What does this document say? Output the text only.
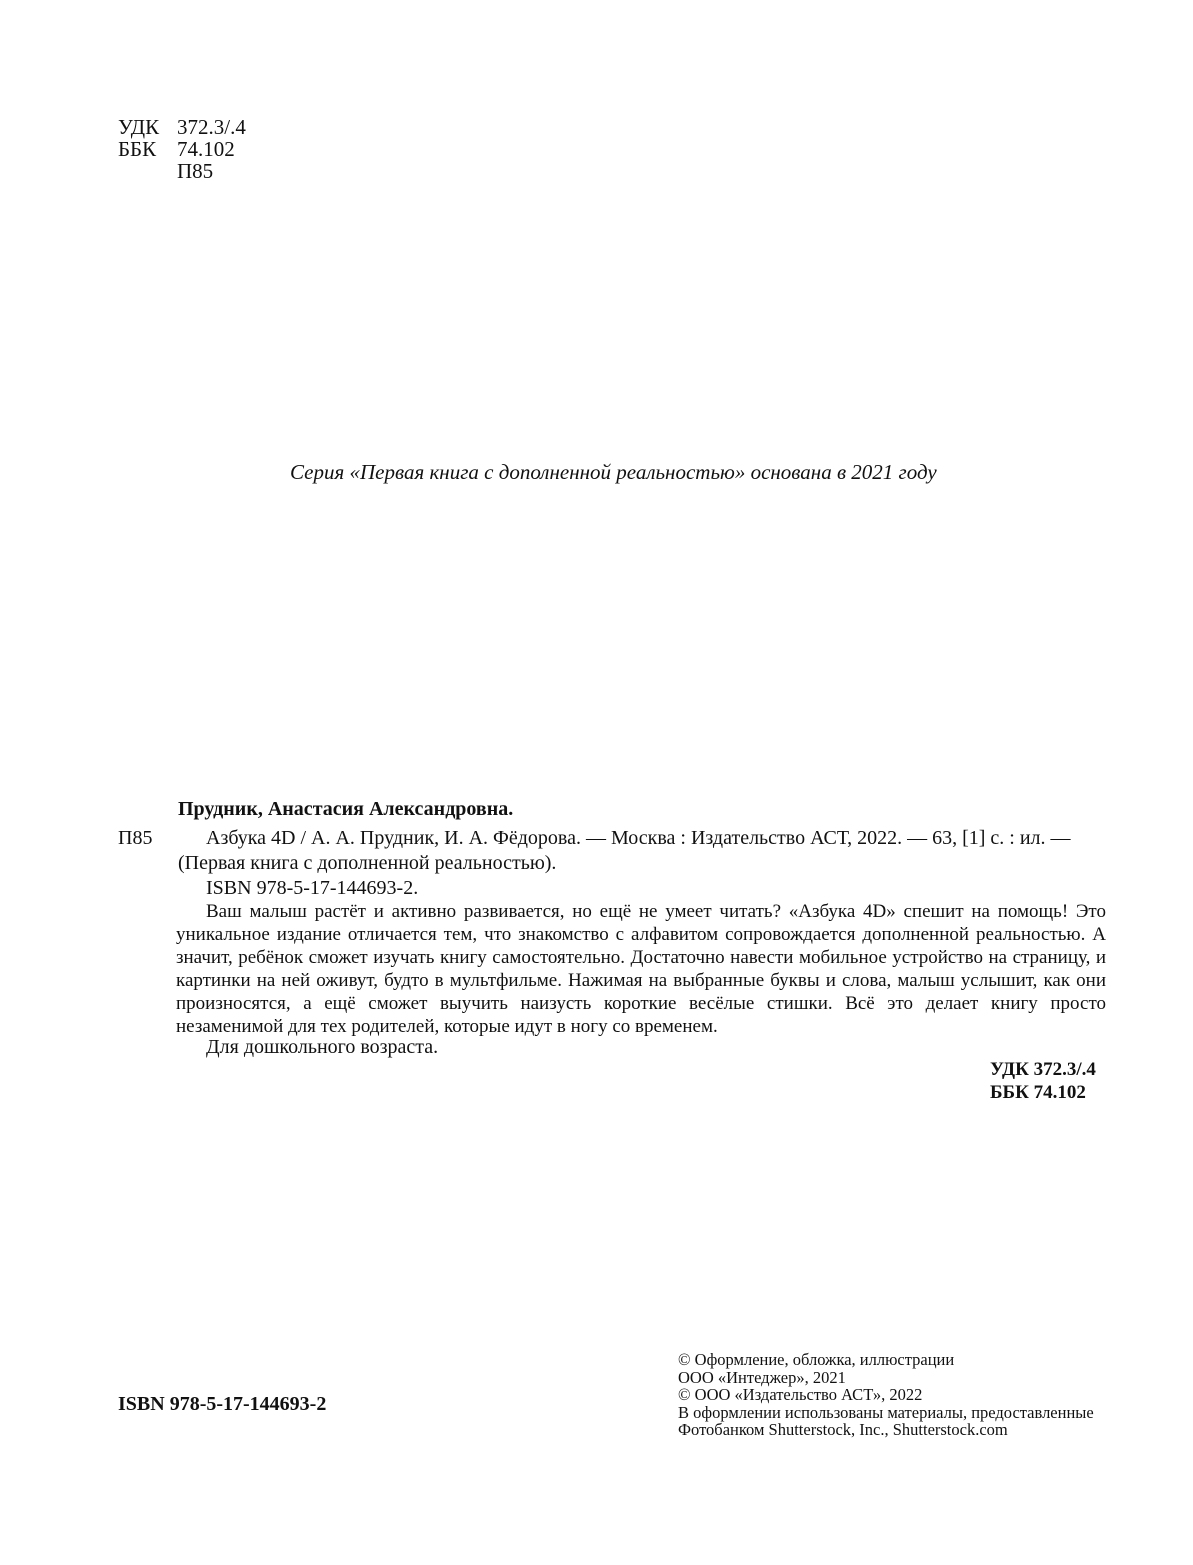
УДК 372.3/.4
ББК 74.102
П85
Серия «Первая книга с дополненной реальностью» основана в 2021 году
Прудник, Анастасия Александровна.
П85	Азбука 4D / А. А. Прудник, И. А. Фёдорова. — Москва : Издательство АСТ, 2022. — 63, [1] с. : ил. —
(Первая книга с дополненной реальностью).
ISBN 978-5-17-144693-2.
Ваш малыш растёт и активно развивается, но ещё не умеет читать? «Азбука 4D» спешит на помощь! Это уникальное издание отличается тем, что знакомство с алфавитом сопровождается дополненной реальностью. А значит, ребёнок сможет изучать книгу самостоятельно. Достаточно навести мобильное устройство на страницу, и картинки на ней оживут, будто в мультфильме. Нажимая на выбранные буквы и слова, малыш услышит, как они произносятся, а ещё сможет выучить наизусть короткие весёлые стишки. Всё это делает книгу просто незаменимой для тех родителей, которые идут в ногу со временем.
Для дошкольного возраста.
УДК 372.3/.4
ББК 74.102
ISBN 978-5-17-144693-2
© Оформление, обложка, иллюстрации
ООО «Интеджер», 2021
© ООО «Издательство АСТ», 2022
В оформлении использованы материалы, предоставленные
Фотобанком Shutterstock, Inc., Shutterstock.com
